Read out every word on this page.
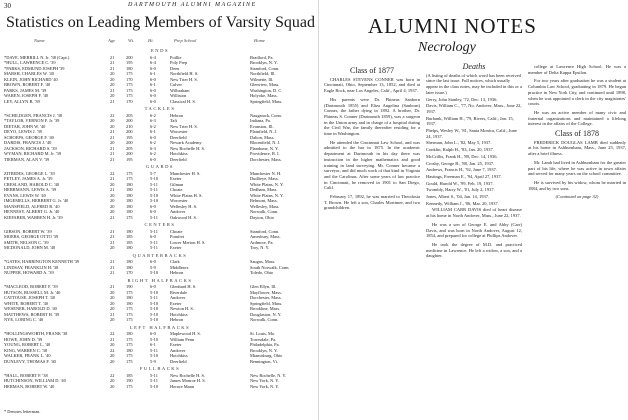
30	DARTMOUTH ALUMNI MAGAZINE
Statistics on Leading Members of Varsity Squad
Name	Age	Wt.	Ht.	Prep School	Home
ENDS
*DAVE, MERRILL N. Jr. '38 (Capt.)	21	200	6-4	Poillie	Bradford, Pa.
*HULL, LAWRENCE C. '39	21	195	6-4	Poly Prep	Brooklyn, N. Y.
*PARKS, EDMUND JOSEPH '39	21	180	6-0	Deen	Stamford, Conn.
MARSH, CHARLES W. '40	20	175	6-1	Northfield H. S.	Northfield, Ill.
KLEIN, JOHN RICHARD '40	20	170	6-0	New Trier H. S.	Wilmette, Ill.
BROWN, ROBERT F. '40	20	175	6-1	Culver	Glenview, Mass.
PARKS, JAMES M. '39	21	175	6-0	Wilbraham	Washington, D. C.
WAREN, JOSEPH F. '40	20	175	6-0	Williston	Holyoke, Mass.
LEY, ALLYN B. '39	21	170	6-0	Classical H. S.	Springfield, Mass.
TACKLES
*SCHILDGEN, FRANCIS J. '38	22	205	6-2	Hebron	Naugatuck, Conn.
*TAYLOR, VERNON F. Jr. '39	20	200	6-3	Taft	Indiana, Pa.
DIETAR, JOHN W. '40	20	210	6-2	New Trier H. S.	Evanston, Ill.
DEYO, LEWIS J. '39	21	200	6-1	Worcester	Plainfield, N. J.
SCHOEPS, GEORGE F. '40	21	195	6-0	Deerfield	Dalton, Mass.
DARDIS, FRANCIS J. '40	20	200	6-2	Newark Academy	Bloomfield, N. J.
JACKSON, RICHARD S. '39	21	205	6-3	New Rochelle H. S.	Plandome, N. Y.
WYMAN, RICHARD M. Jr. '39	21	200	6-2	Hotchkiss	Providence, R. I.
TIERMAN, ALAN V. '39	21	195	6-0	Deerfield	Dorchester, Mass.
GUARDS
ZITRIDES, GEORGE L. '39	22	175	5-7	Manchester H. S.	Manchester N. H.
PETLEY, JAMES A. Jr. '39	21	175	5-10	Exeter	Dudlieye, Mass.
CRESLAND, HAROLD C. '40	20	180	5-11	Gilman	White Plains, N. Y.
HERRMANN, LEWIS A. '39	21	180	5-11	Choate	Dedham, Mass.
EVANS, LEWIS W. '40	20	180	5-10	White Plains H. S.	White Plains, N. Y.
IMGEMELLS, HERBERT G. Jr. '40	20	180	5-10	Worcester	Belmont, Mass.
MANSFIELD, ALFRED B. '40	20	180	6-0	Wellesley H. S.	Wellesley, Mass.
HENNESY, ALBERT G. Jr. '40	20	180	6-0	Andover	Norwalk, Conn.
KIEFABER, WARREN H. Jr. '39	21	175	5-11	Oakwood H. S.	Dayton, Ohio
CENTERS
GIBSON, ROBERT W. '39	21	180	5-11	Choate	Stamford, Conn.
MOERS, GEORGE OTTO '39	21	185	6-0	Pomfret	Amesbury, Mass.
SMITH, NELSON C. '39	21	185	5-11	Lower Merion H. S.	Ardmore, Pa.
MCDONALD, JOHN M. '40	20	180	5-11	Exeter	Troy, N. Y.
QUARTERBACKS
*GATES, HARRINGTON KENNETH '39	21	180	6-0	Clark	Saugus, Mass.
LINDSAY, FRANKLIN H. '38	21	180	5-9	Middlesex	South Norwalk, Conn.
NUPPER, HOWARD A. '39	21	170	5-10	Hebron	Toledo, Ohio
RIGHT HALFBACKS
*MACLEOD, ROBERT F. '39	21	190	6-0	Glenbard H. S.	Glen Ellyn, Ill.
HUTSON, RUSSELL M. Jr. '40	20	175	5-10	Riverdale	Mayflower, Mass.
CATTOUSE, JOSEPH T. '40	20	180	5-11	Andover	Dorchester, Mass.
WHITE, ROBERT T. '40	20	180	5-10	Exeter	Springfield, Mass.
WESENER, HAROLD D. '40	20	175	5-10	Newton H. S.	Brookline, Mass.
MATTHEWS, ROBERT H. '39	21	175	5-10	Hotchkiss	Douglaston, N. Y.
NYE, LORING C. '40	20	175	5-10	Hebron	Norwalk, Conn.
LEFT HALFBACKS
*HOLLINGSWORTH, FRANK '38	22	180	6-0	Maplewood H. S.	St. Louis, Mo.
HOWE, JOHN D. '39	21	175	5-10	William Penn	Torresdale, Pa.
YOUNG, ROBERT L. '40	20	175	6-1	Exeter	Philadelphia, Pa.
KING, WARREN C. '38	22	180	5-11	Andover	Brooklyn, N. Y.
WALKER, FRANK L. '40	20	175	5-10	Hotchkiss	Miamisburg, Ohio
DUNLEVY, THOMAS F. '40	20	175	5-9	Deerfield	Bennington, Vt.
FULLBACKS
*HALL, ROBERT F. '38	22	185	5-11	New Rochelle H. S.	New Rochelle, N. Y.
HUTCHINSON, WILLIAM D. '40	20	190	5-11	James Monroe H. S.	New York, N. Y.
HERMAN, ROBERT W. '40	20	175	5-10	Horace Mann	New York, N. Y.
* Denotes letterman.
ALUMNI NOTES
Necrology
Class of 1877

CHARLES STEVENS CONNER was born in Cincinnati, Ohio, September 13, 1852, and died at Eagle Rock, near Los Angeles, Calif., April 4, 1937.

His parents were Dr. Phineas Sanborn (Dartmouth 1855) and Eliza Angelina (Sanborn) Conner, the father dying in 1892. A brother, Dr. Phineas S. Conner (Dartmouth 1859), was a surgeon in the Union army and in charge of a hospital during the Civil War, the family thereafter residing for a time in Washington.

He attended the Cincinnati Law School, and was admitted to the bar in 1875. In the academic department at Dartmouth in his day there was instruction in the higher mathematics and good training in land surveying. Mr. Conner became a surveyor, and did much work of that kind in Virginia and the Carolinas. After some years of law practice in Cincinnati, he removed in 1901 to San Diego, Calif.

February 17, 1892, he was married to Theodosia T. Brown. He left a son, Charles Mortimer, and two grandchildren.

Deaths

(A listing of deaths of which word has been received since the last issue. Full notices, which usually appear in the class notes, may be included in this or a later issue.)

Gerry, John Stanley, '72, Dec. 13, 1936.

Davis, William C., '77, No. Andover, Mass., June 22, 1937.

Burbank, William H., '79, Rivers, Calif., Jan. 15, 1937.

Phelps, Wesley W., '81, Santa Monica, Calif., June 24, 1937.

Sherman, John L., '82, May 5, 1937.

Conklin, Ralph H., '83, Jan. 20, 1937.

McCrillis, Frank H., '89, Dec. 14, 1936.

Crosby, George B., '88, Jan. 25, 1937.

Andrews, Francis H., '92, June 7, 1937.

Hastings, Freeman E., '94, April 27, 1937.

Gould, Harold W., '99, Feb. 19, 1937.

Twombly, Harry W., '01, July 2, 1937.

Jones, Albert S., '04, Jan. 14, 1937.

Kennedy, William J., '06, Mar. 20, 1937.

WILLIAM CARR DAVIS died of heart disease at his home in North Andover, Mass., June 22, 1937.

He was a son of George E. and Abby (Carr) Davis, and was born in North Andover, August 12, 1854, and prepared for college at Phillips Andover.

He took the degree of M.D. and practiced medicine in Lawrence. He left a widow, a son, and a daughter.

college at Lawrence High School. He was a member of Delta Kappa Epsilon.

For two years after graduation he was a student at Columbia Law School, graduating in 1879. He began practice in New York City, and continued until 1898, when he was appointed a clerk in the city magistrates' courts.

He was an active member of many civic and fraternal organizations and maintained a lifelong interest in the affairs of the College.

Class of 1878

FREDERICK DOUGLAS LAMB died suddenly at his home in Ashburnham, Mass., June 25, 1937, after a brief illness.

Mr. Lamb had lived in Ashburnham for the greater part of his life, where he was active in town affairs and served for many years on the school committee.

He is survived by his widow, whom he married in 1884, and by two sons.

(Continued on page 32)
